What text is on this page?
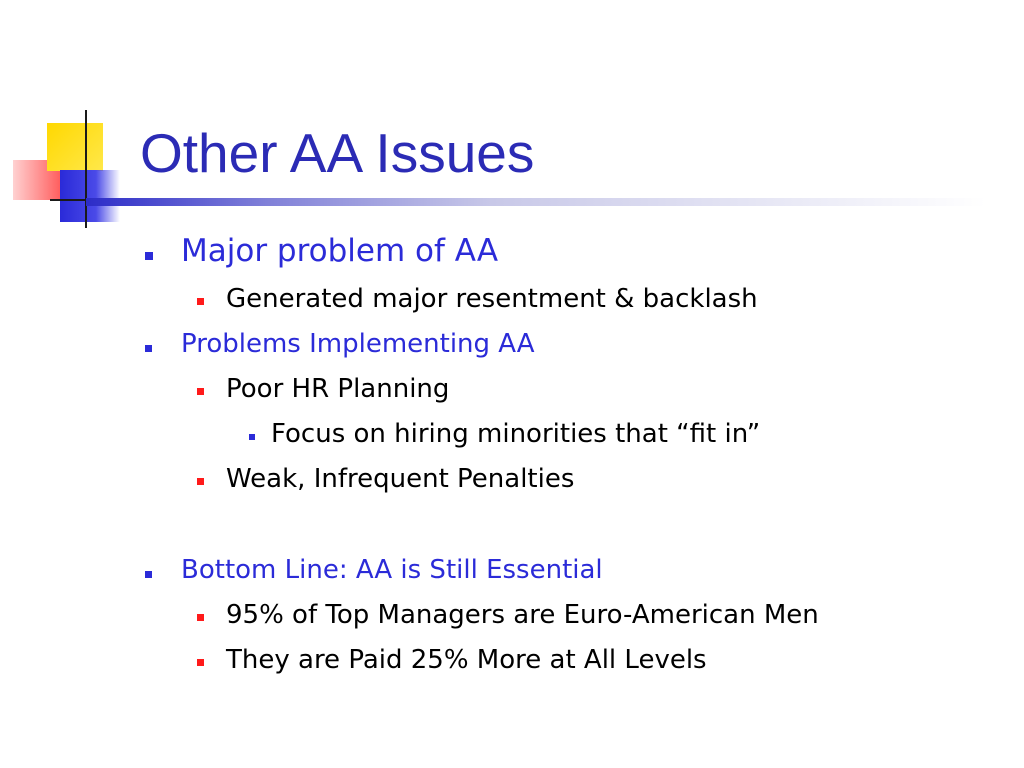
Other AA Issues
Major problem of AA
Generated major resentment & backlash
Problems Implementing AA
Poor HR Planning
Focus on hiring minorities that “fit in”
Weak, Infrequent Penalties
Bottom Line: AA is Still Essential
95% of Top Managers are Euro-American Men
They are Paid 25% More at All Levels
